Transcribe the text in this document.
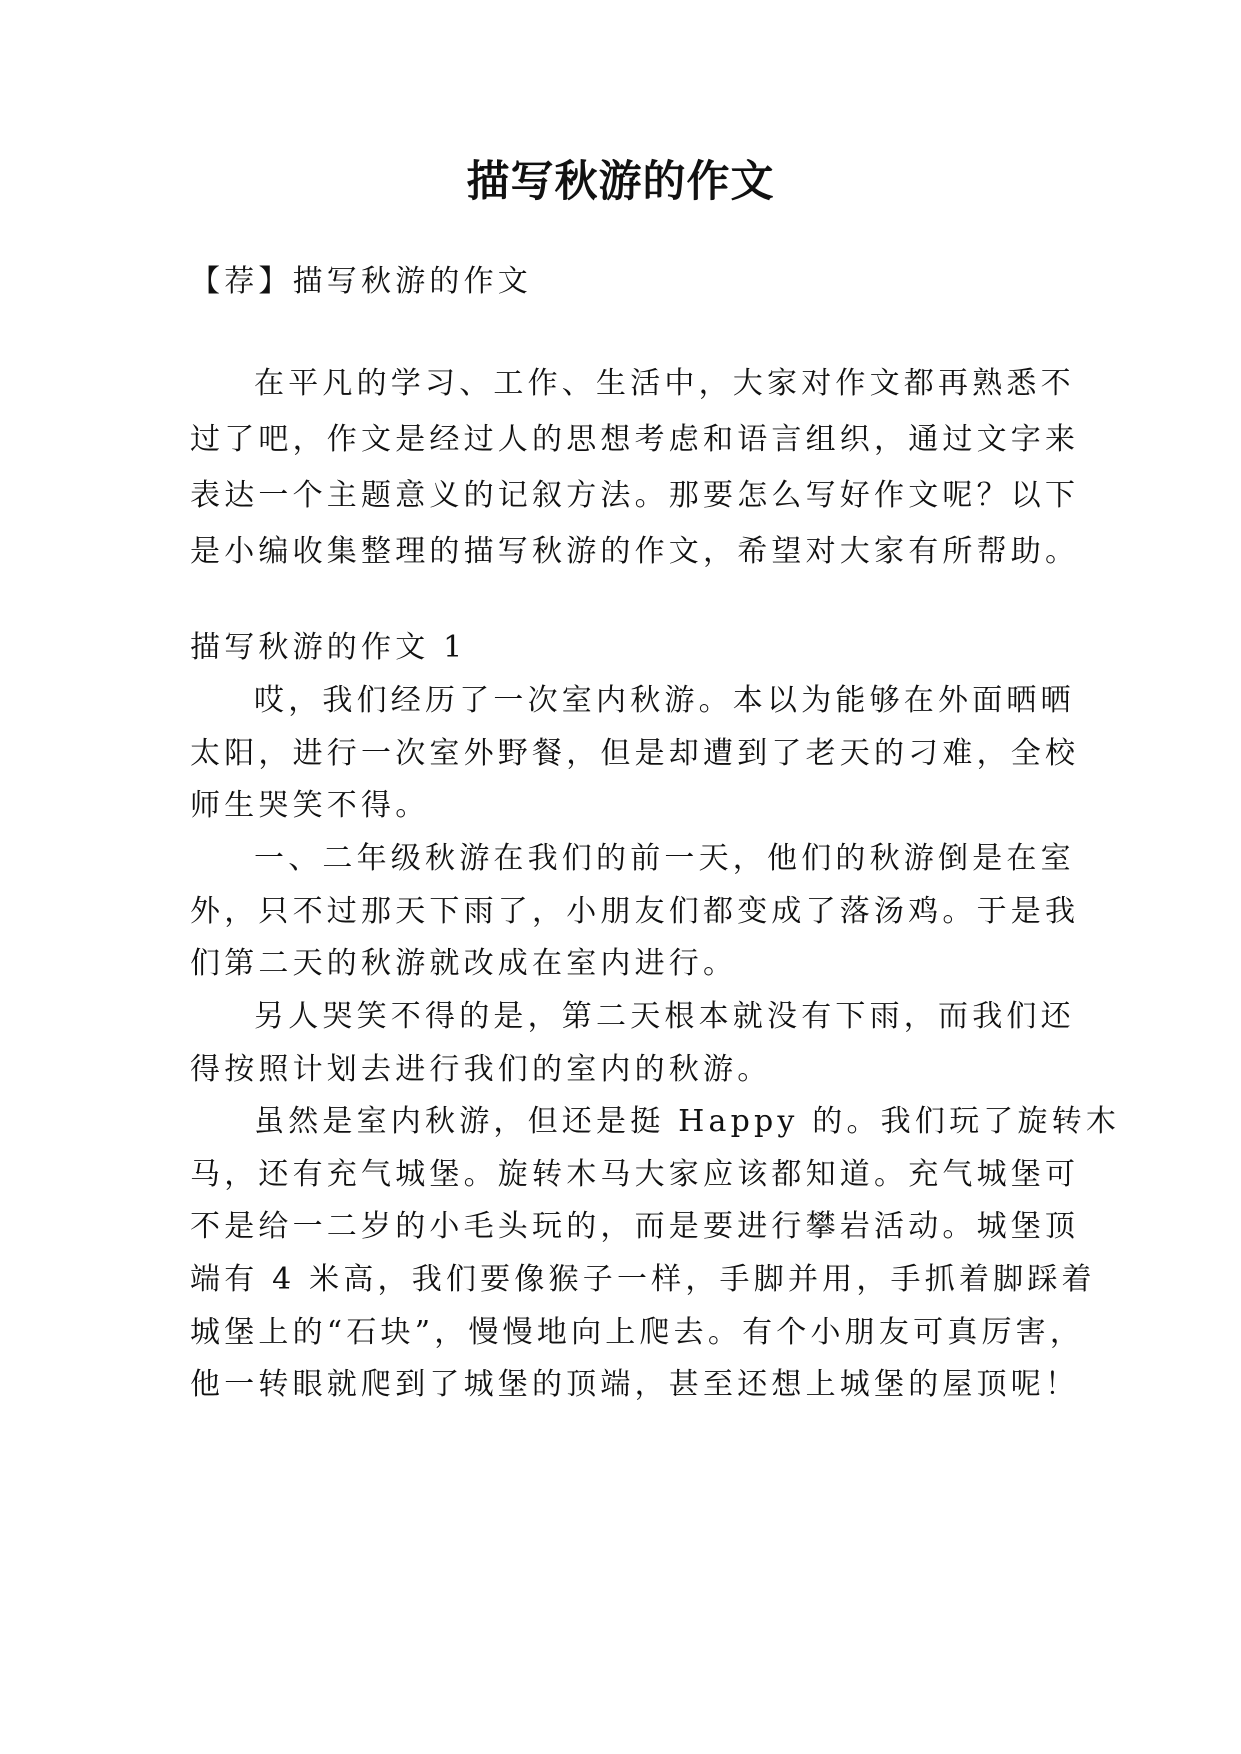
描写秋游的作文
【荐】描写秋游的作文
在平凡的学习、工作、生活中，大家对作文都再熟悉不
过了吧，作文是经过人的思想考虑和语言组织，通过文字来
表达一个主题意义的记叙方法。那要怎么写好作文呢？以下
是小编收集整理的描写秋游的作文，希望对大家有所帮助。
描写秋游的作文 1
哎，我们经历了一次室内秋游。本以为能够在外面晒晒
太阳，进行一次室外野餐，但是却遭到了老天的刁难，全校
师生哭笑不得。
一、二年级秋游在我们的前一天，他们的秋游倒是在室
外，只不过那天下雨了，小朋友们都变成了落汤鸡。于是我
们第二天的秋游就改成在室内进行。
另人哭笑不得的是，第二天根本就没有下雨，而我们还
得按照计划去进行我们的室内的秋游。
虽然是室内秋游，但还是挺 Happy 的。我们玩了旋转木
马，还有充气城堡。旋转木马大家应该都知道。充气城堡可
不是给一二岁的小毛头玩的，而是要进行攀岩活动。城堡顶
端有 4 米高，我们要像猴子一样，手脚并用，手抓着脚踩着
城堡上的“石块”，慢慢地向上爬去。有个小朋友可真厉害，
他一转眼就爬到了城堡的顶端，甚至还想上城堡的屋顶呢！
